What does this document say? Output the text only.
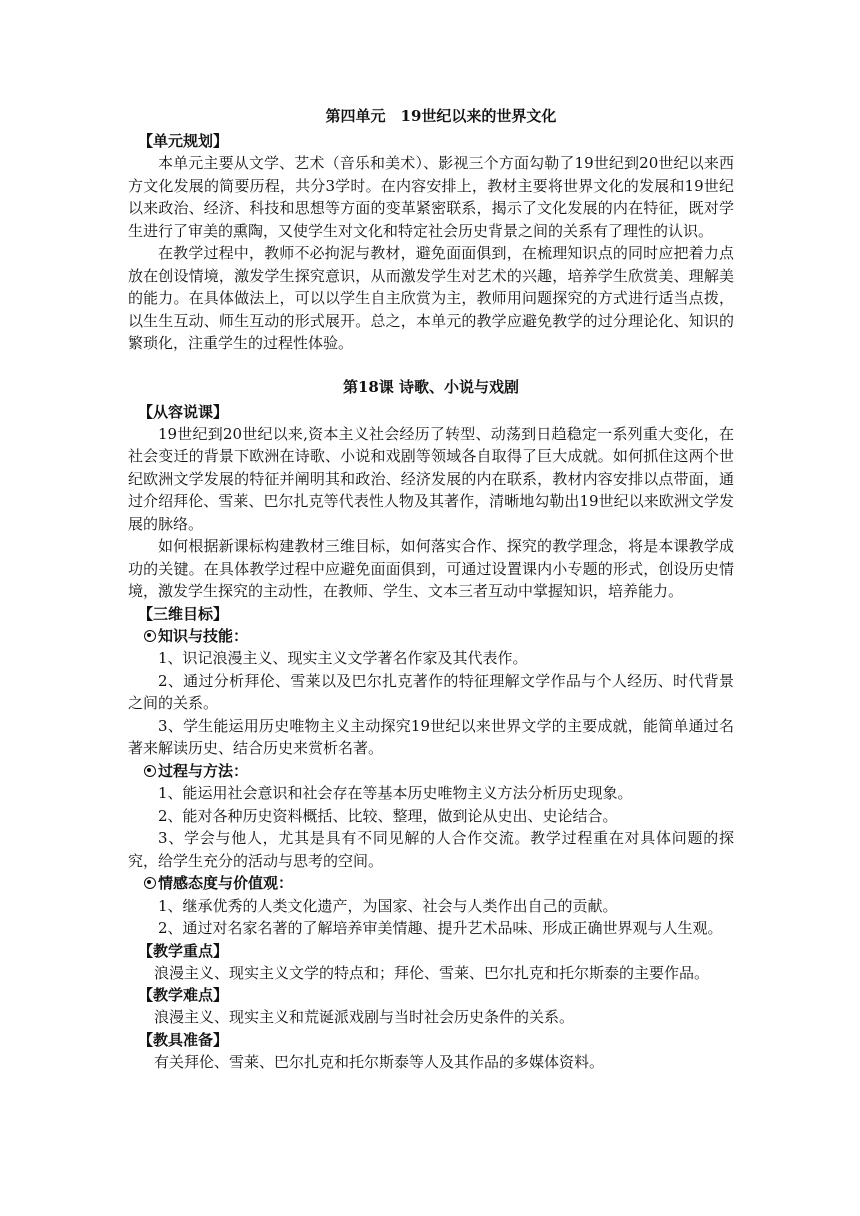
第四单元　19世纪以来的世界文化

【单元规划】

本单元主要从文学、艺术（音乐和美术）、影视三个方面勾勒了19世纪到20世纪以来西方文化发展的简要历程，共分3学时。在内容安排上，教材主要将世界文化的发展和19世纪以来政治、经济、科技和思想等方面的变革紧密联系，揭示了文化发展的内在特征，既对学生进行了审美的熏陶，又使学生对文化和特定社会历史背景之间的关系有了理性的认识。

在教学过程中，教师不必拘泥与教材，避免面面俱到，在梳理知识点的同时应把着力点放在创设情境，激发学生探究意识，从而激发学生对艺术的兴趣，培养学生欣赏美、理解美的能力。在具体做法上，可以以学生自主欣赏为主，教师用问题探究的方式进行适当点拨，以生生互动、师生互动的形式展开。总之，本单元的教学应避免教学的过分理论化、知识的繁琐化，注重学生的过程性体验。

第18课 诗歌、小说与戏剧

【从容说课】

19世纪到20世纪以来,资本主义社会经历了转型、动荡到日趋稳定一系列重大变化，在社会变迁的背景下欧洲在诗歌、小说和戏剧等领域各自取得了巨大成就。如何抓住这两个世纪欧洲文学发展的特征并阐明其和政治、经济发展的内在联系，教材内容安排以点带面，通过介绍拜伦、雪莱、巴尔扎克等代表性人物及其著作，清晰地勾勒出19世纪以来欧洲文学发展的脉络。

如何根据新课标构建教材三维目标，如何落实合作、探究的教学理念，将是本课教学成功的关键。在具体教学过程中应避免面面俱到，可通过设置课内小专题的形式，创设历史情境，激发学生探究的主动性，在教师、学生、文本三者互动中掌握知识，培养能力。

【三维目标】

知识与技能：

1、识记浪漫主义、现实主义文学著名作家及其代表作。

2、通过分析拜伦、雪莱以及巴尔扎克著作的特征理解文学作品与个人经历、时代背景之间的关系。

3、学生能运用历史唯物主义主动探究19世纪以来世界文学的主要成就，能简单通过名著来解读历史、结合历史来赏析名著。

过程与方法：

1、能运用社会意识和社会存在等基本历史唯物主义方法分析历史现象。

2、能对各种历史资料概括、比较、整理，做到论从史出、史论结合。

3、学会与他人，尤其是具有不同见解的人合作交流。教学过程重在对具体问题的探究，给学生充分的活动与思考的空间。

情感态度与价值观：

1、继承优秀的人类文化遗产，为国家、社会与人类作出自己的贡献。

2、通过对名家名著的了解培养审美情趣、提升艺术品味、形成正确世界观与人生观。

【教学重点】

浪漫主义、现实主义文学的特点和；拜伦、雪莱、巴尔扎克和托尔斯泰的主要作品。

【教学难点】

浪漫主义、现实主义和荒诞派戏剧与当时社会历史条件的关系。

【教具准备】

有关拜伦、雪莱、巴尔扎克和托尔斯泰等人及其作品的多媒体资料。
